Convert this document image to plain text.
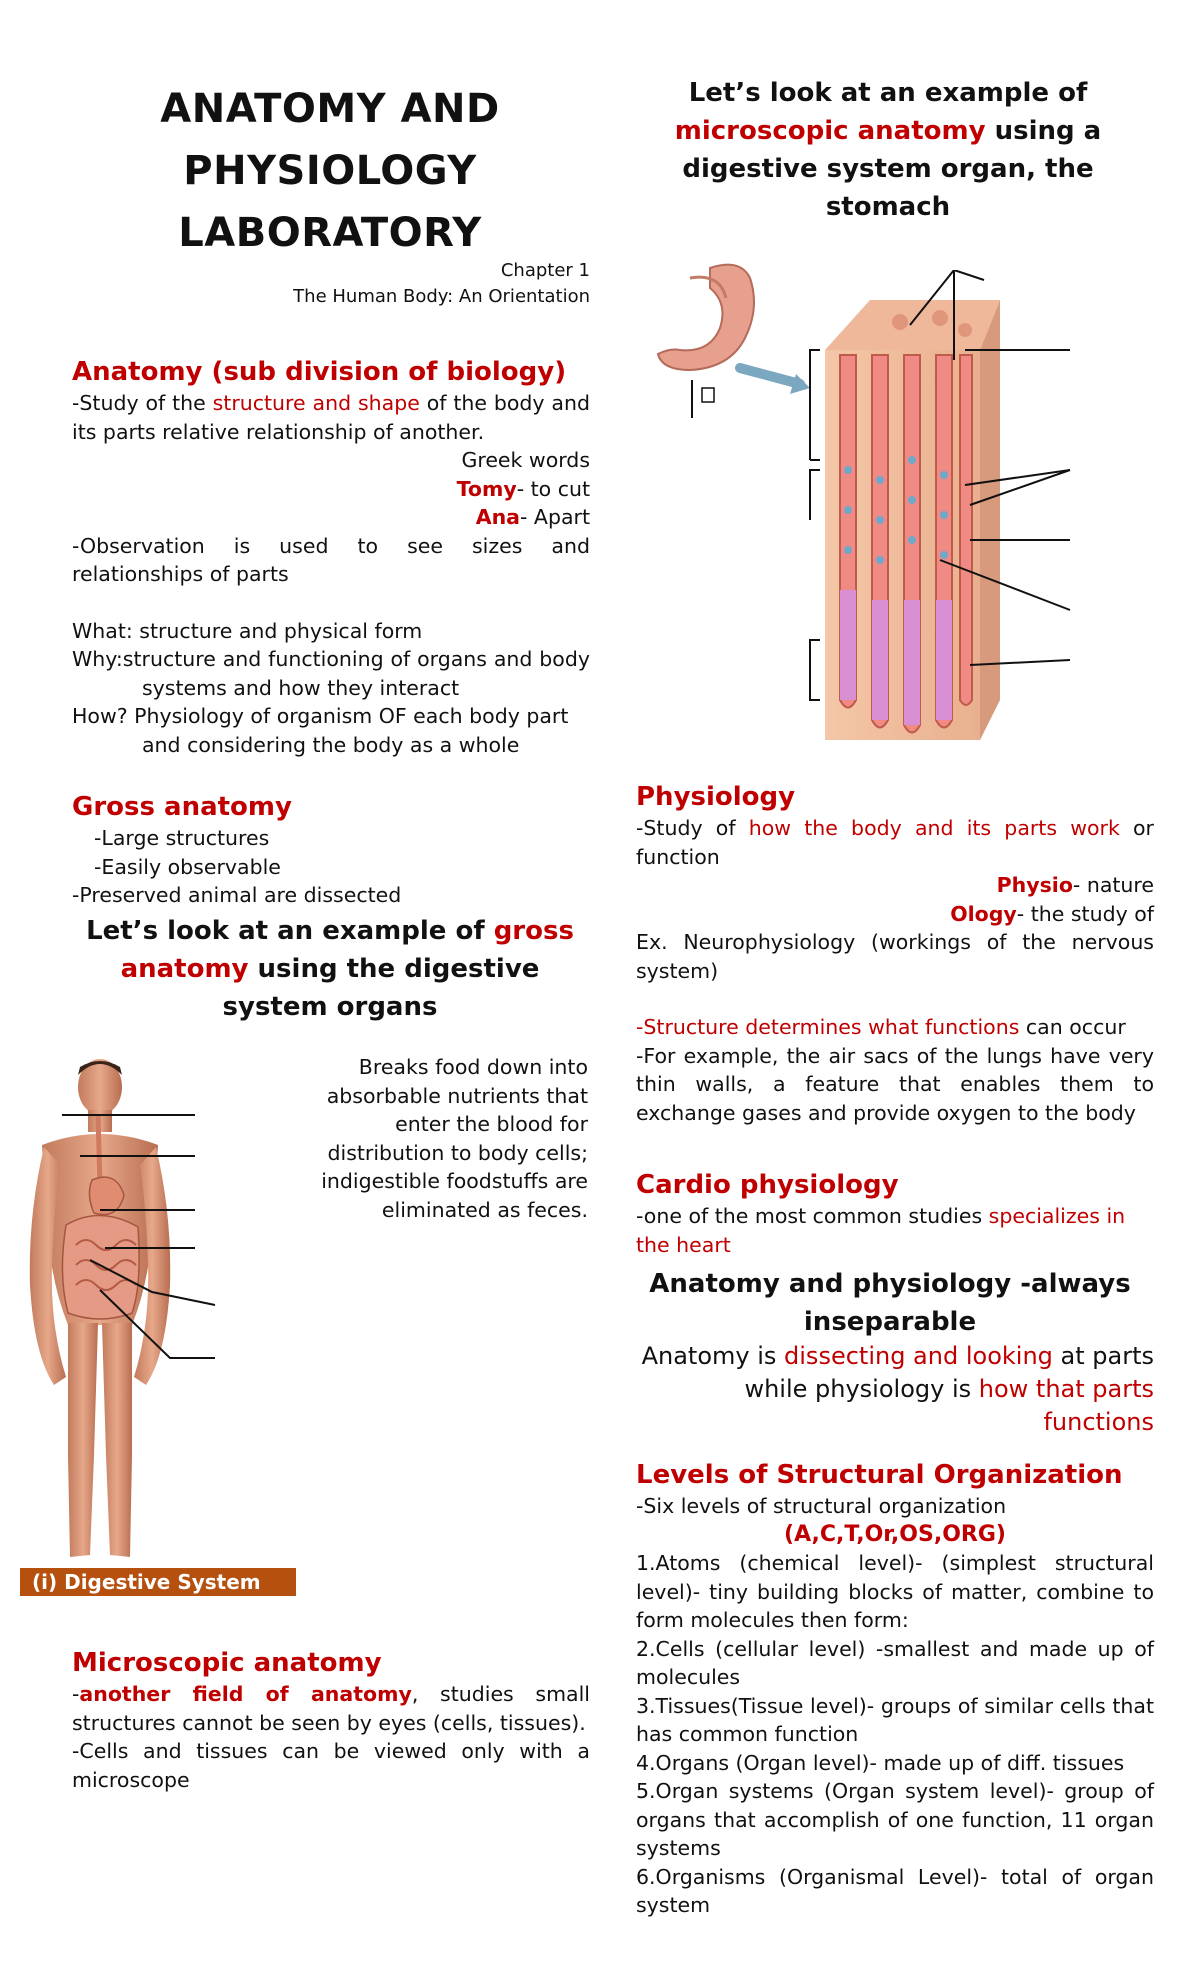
ANATOMY AND
PHYSIOLOGY
LABORATORY
Chapter 1
The Human Body: An Orientation
Anatomy (sub division of biology)
-Study of the structure and shape of the body and its parts relative relationship of another.
Greek words
Tomy- to cut
Ana- Apart
-Observation is used to see sizes and relationships of parts
What: structure and physical form
Why:structure and functioning of organs and body systems and how they interact
How? Physiology of organism OF each body part and considering the body as a whole
Gross anatomy
-Large structures
-Easily observable
-Preserved animal are dissected
Let’s look at an example of gross anatomy using the digestive system organs
Breaks food down into absorbable nutrients that enter the blood for distribution to body cells; indigestible foodstuffs are eliminated as feces.
(i) Digestive System
Microscopic anatomy
-another field of anatomy, studies small structures cannot be seen by eyes (cells, tissues).
-Cells and tissues can be viewed only with a microscope
Let’s look at an example of microscopic anatomy using a digestive system organ, the stomach
Physiology
-Study of how the body and its parts work or function
Physio- nature
Ology- the study of
Ex. Neurophysiology (workings of the nervous system)
-Structure determines what functions can occur
-For example, the air sacs of the lungs have very thin walls, a feature that enables them to exchange gases and provide oxygen to the body
Cardio physiology
-one of the most common studies specializes in the heart
Anatomy and physiology -always inseparable
Anatomy is dissecting and looking at parts while physiology is how that parts functions
Levels of Structural Organization
-Six levels of structural organization
(A,C,T,Or,OS,ORG)
1.Atoms (chemical level)- (simplest structural level)- tiny building blocks of matter, combine to form molecules then form:
2.Cells (cellular level) -smallest and made up of molecules
3.Tissues(Tissue level)- groups of similar cells that has common function
4.Organs (Organ level)- made up of diff. tissues
5.Organ systems (Organ system level)- group of organs that accomplish of one function, 11 organ systems
6.Organisms (Organismal Level)- total of organ system
